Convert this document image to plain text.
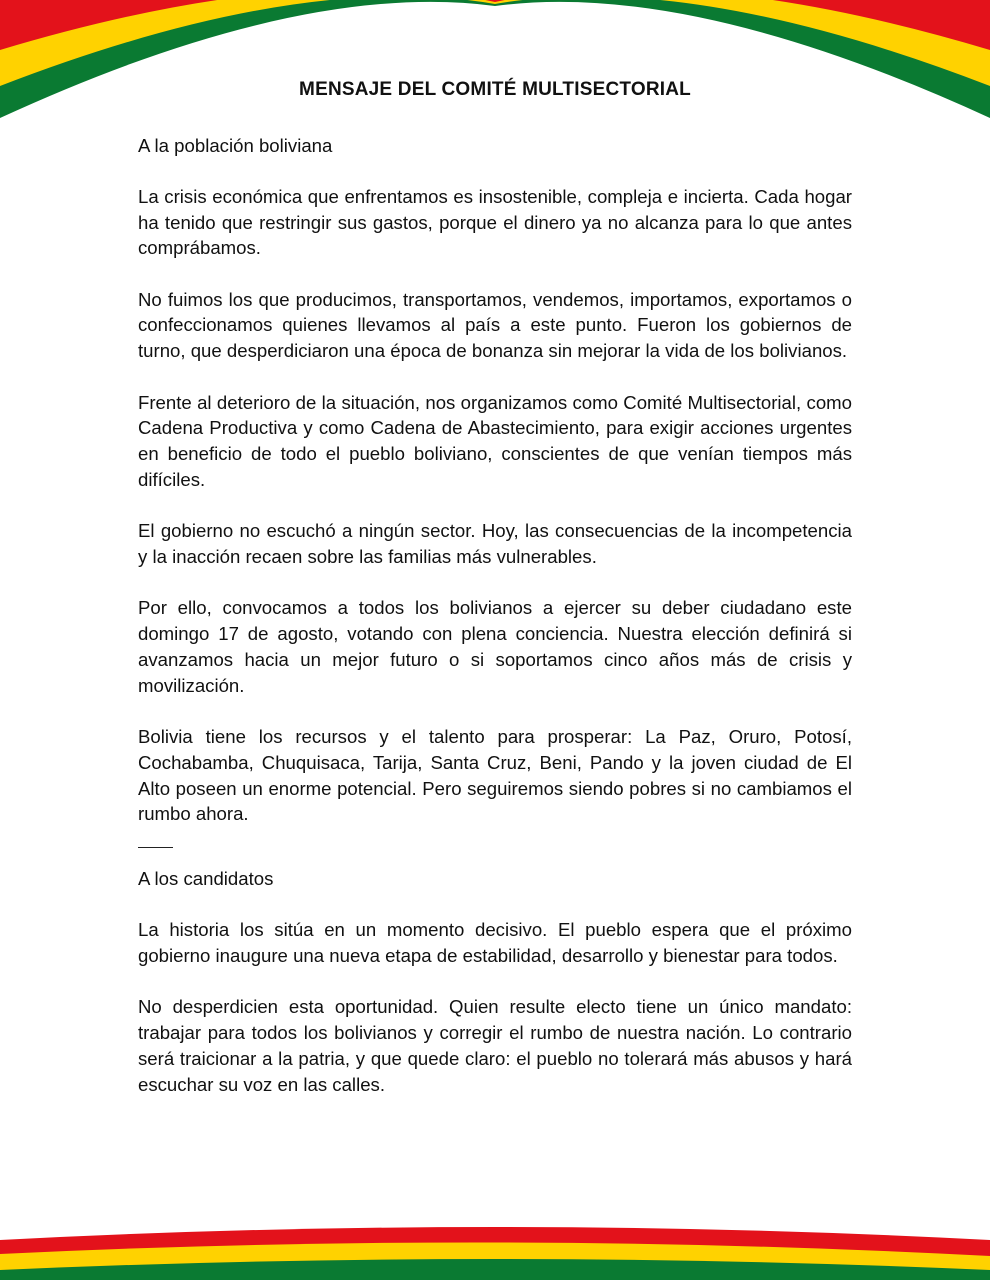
MENSAJE DEL COMITÉ MULTISECTORIAL

A la población boliviana

La crisis económica que enfrentamos es insostenible, compleja e incierta. Cada hogar ha tenido que restringir sus gastos, porque el dinero ya no alcanza para lo que antes comprábamos.

No fuimos los que producimos, transportamos, vendemos, importamos, exportamos o confeccionamos quienes llevamos al país a este punto. Fueron los gobiernos de turno, que desperdiciaron una época de bonanza sin mejorar la vida de los bolivianos.

Frente al deterioro de la situación, nos organizamos como Comité Multisectorial, como Cadena Productiva y como Cadena de Abastecimiento, para exigir acciones urgentes en beneficio de todo el pueblo boliviano, conscientes de que venían tiempos más difíciles.

El gobierno no escuchó a ningún sector. Hoy, las consecuencias de la incompetencia y la inacción recaen sobre las familias más vulnerables.

Por ello, convocamos a todos los bolivianos a ejercer su deber ciudadano este domingo 17 de agosto, votando con plena conciencia. Nuestra elección definirá si avanzamos hacia un mejor futuro o si soportamos cinco años más de crisis y movilización.

Bolivia tiene los recursos y el talento para prosperar: La Paz, Oruro, Potosí, Cochabamba, Chuquisaca, Tarija, Santa Cruz, Beni, Pando y la joven ciudad de El Alto poseen un enorme potencial. Pero seguiremos siendo pobres si no cambiamos el rumbo ahora.

A los candidatos

La historia los sitúa en un momento decisivo. El pueblo espera que el próximo gobierno inaugure una nueva etapa de estabilidad, desarrollo y bienestar para todos.

No desperdicien esta oportunidad. Quien resulte electo tiene un único mandato: trabajar para todos los bolivianos y corregir el rumbo de nuestra nación. Lo contrario será traicionar a la patria, y que quede claro: el pueblo no tolerará más abusos y hará escuchar su voz en las calles.
